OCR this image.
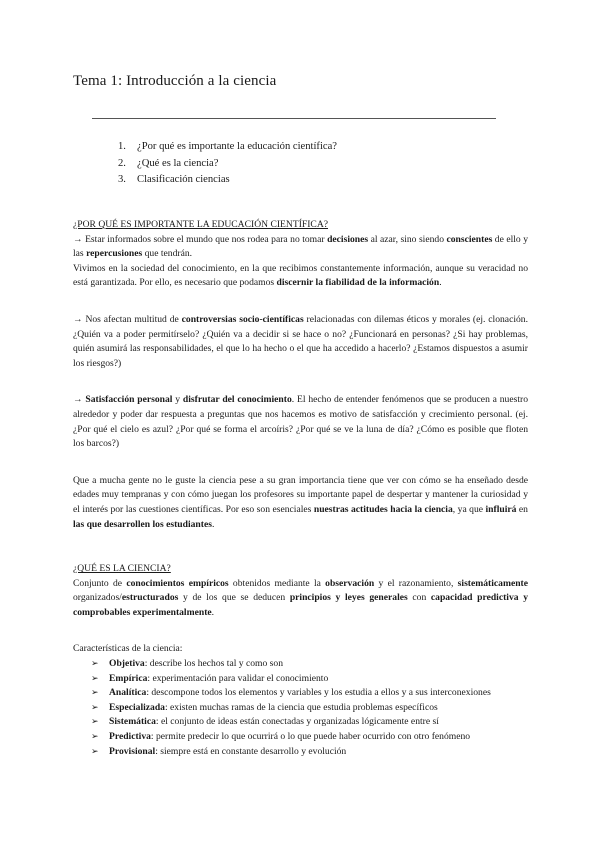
Tema 1: Introducción a la ciencia
1. ¿Por qué es importante la educación científica?
2. ¿Qué es la ciencia?
3. Clasificación ciencias

¿POR QUÉ ES IMPORTANTE LA EDUCACIÓN CIENTÍFICA?

→ Estar informados sobre el mundo que nos rodea para no tomar decisiones al azar, sino siendo conscientes de ello y las repercusiones que tendrán.

Vivimos en la sociedad del conocimiento, en la que recibimos constantemente información, aunque su veracidad no está garantizada. Por ello, es necesario que podamos discernir la fiabilidad de la información.

→ Nos afectan multitud de controversias socio-científicas relacionadas con dilemas éticos y morales (ej. clonación. ¿Quién va a poder permitírselo? ¿Quién va a decidir si se hace o no? ¿Funcionará en personas? ¿Si hay problemas, quién asumirá las responsabilidades, el que lo ha hecho o el que ha accedido a hacerlo? ¿Estamos dispuestos a asumir los riesgos?)

→ Satisfacción personal y disfrutar del conocimiento. El hecho de entender fenómenos que se producen a nuestro alrededor y poder dar respuesta a preguntas que nos hacemos es motivo de satisfacción y crecimiento personal. (ej. ¿Por qué el cielo es azul? ¿Por qué se forma el arcoíris? ¿Por qué se ve la luna de día? ¿Cómo es posible que floten los barcos?)

Que a mucha gente no le guste la ciencia pese a su gran importancia tiene que ver con cómo se ha enseñado desde edades muy tempranas y con cómo juegan los profesores su importante papel de despertar y mantener la curiosidad y el interés por las cuestiones científicas. Por eso son esenciales nuestras actitudes hacia la ciencia, ya que influirá en las que desarrollen los estudiantes.

¿QUÉ ES LA CIENCIA?

Conjunto de conocimientos empíricos obtenidos mediante la observación y el razonamiento, sistemáticamente organizados/estructurados y de los que se deducen principios y leyes generales con capacidad predictiva y comprobables experimentalmente.

Características de la ciencia:

➢ Objetiva: describe los hechos tal y como son
➢ Empírica: experimentación para validar el conocimiento
➢ Analítica: descompone todos los elementos y variables y los estudia a ellos y a sus interconexiones
➢ Especializada: existen muchas ramas de la ciencia que estudia problemas específicos
➢ Sistemática: el conjunto de ideas están conectadas y organizadas lógicamente entre sí
➢ Predictiva: permite predecir lo que ocurrirá o lo que puede haber ocurrido con otro fenómeno
➢ Provisional: siempre está en constante desarrollo y evolución
